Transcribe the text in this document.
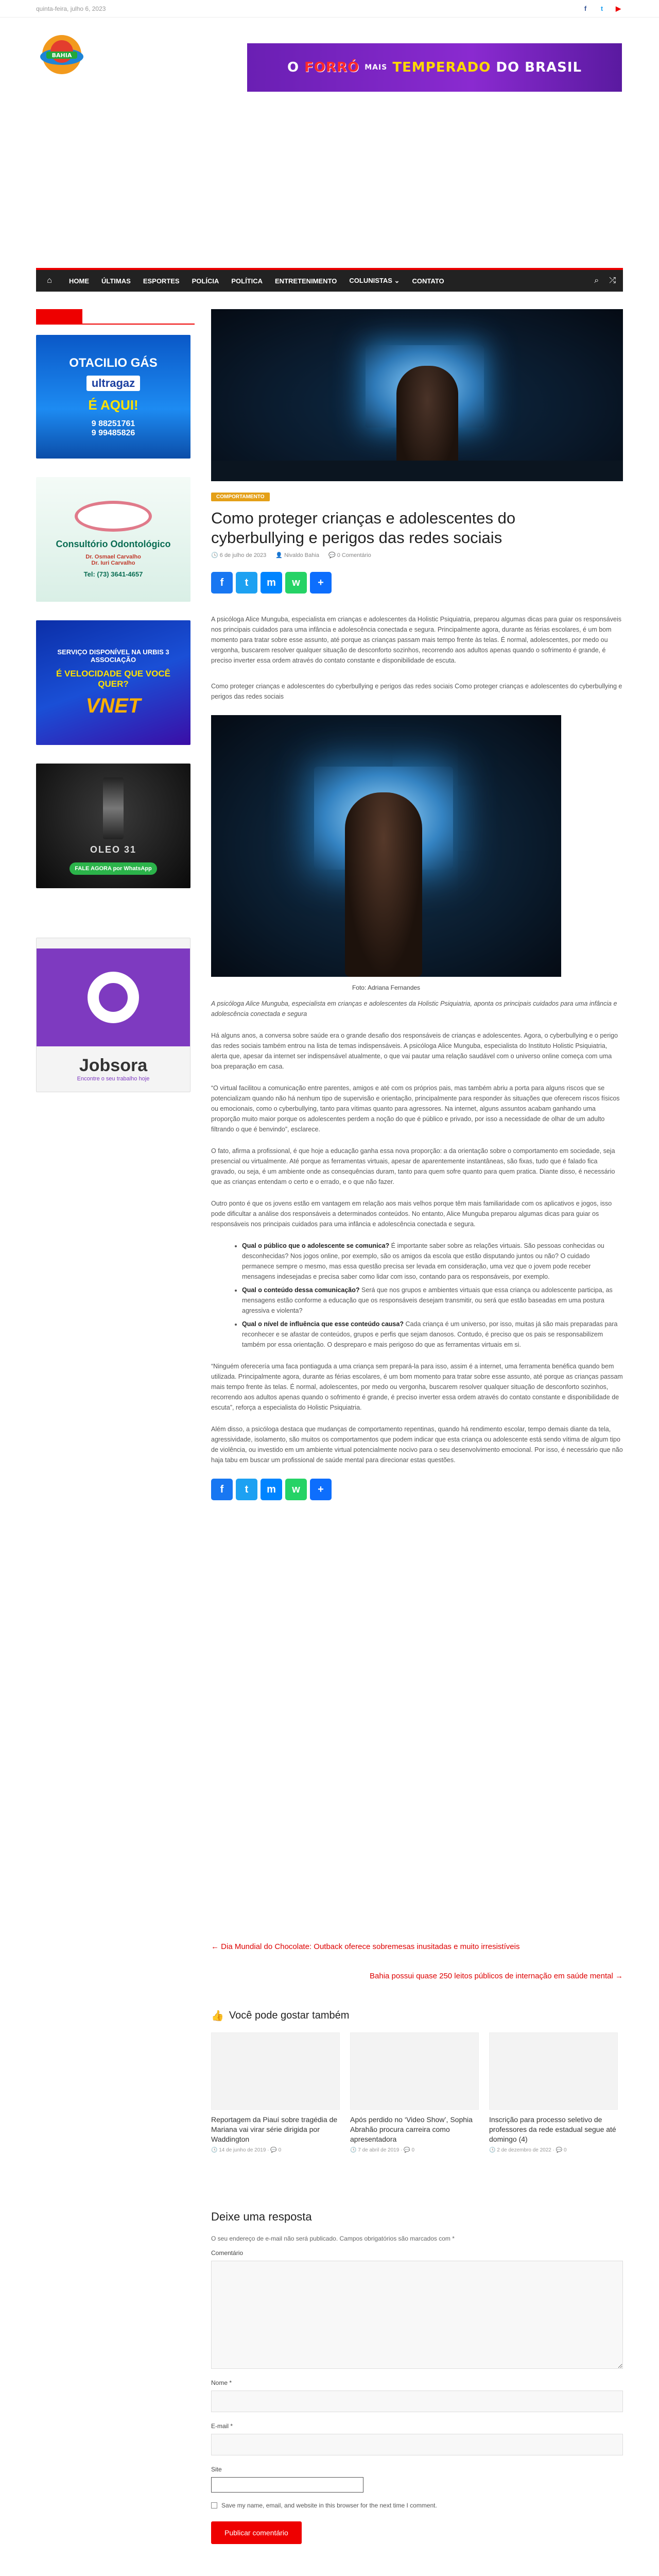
quinta-feira, julho 6, 2023	f	t	▶
BAHIA
O
FORRÓ
MAIS
TEMPERADO
DO BRASIL
⌂	HOME	ÚLTIMAS	ESPORTES	POLÍCIA	POLÍTICA	ENTRETENIMENTO	COLUNISTAS ⌄	CONTATO	⌕ ⤮
OTACILIO GÁS
ultragaz
É AQUI!
9 88251761
9 99485826
Consultório Odontológico
Dr. Osmael Carvalho
Dr. Iuri Carvalho
Tel: (73) 3641-4657
SERVIÇO DISPONÍVEL NA URBIS 3 ASSOCIAÇÃO
É VELOCIDADE QUE VOCÊ QUER?
VNET
OLEO 31
FALE AGORA por WhatsApp
Jobsora
Encontre o seu trabalho hoje
COMPORTAMENTO
Como proteger crianças e adolescentes do cyberbullying e perigos das redes sociais
🕓 6 de julho de 2023 👤 Nivaldo Bahia 💬 0 Comentário
f	t	m	w	+

A psicóloga Alice Munguba, especialista em crianças e adolescentes da Holistic Psiquiatria, preparou algumas dicas para guiar os responsáveis nos principais cuidados para uma infância e adolescência conectada e segura. Principalmente agora, durante as férias escolares, é um bom momento para tratar sobre esse assunto, até porque as crianças passam mais tempo frente às telas. É normal, adolescentes, por medo ou vergonha, buscarem resolver qualquer situação de desconforto sozinhos, recorrendo aos adultos apenas quando o sofrimento é grande, é preciso inverter essa ordem através do contato constante e disponibilidade de escuta.

Como proteger crianças e adolescentes do cyberbullying e perigos das redes sociais Como proteger crianças e adolescentes do cyberbullying e perigos das redes sociais

Foto: Adriana Fernandes

A psicóloga Alice Munguba, especialista em crianças e adolescentes da Holistic Psiquiatria, aponta os principais cuidados para uma infância e adolescência conectada e segura

Há alguns anos, a conversa sobre saúde era o grande desafio dos responsáveis de crianças e adolescentes. Agora, o cyberbullying e o perigo das redes sociais também entrou na lista de temas indispensáveis. A psicóloga Alice Munguba, especialista do Instituto Holistic Psiquiatria, alerta que, apesar da internet ser indispensável atualmente, o que vai pautar uma relação saudável com o universo online começa com uma boa preparação em casa.

“O virtual facilitou a comunicação entre parentes, amigos e até com os próprios pais, mas também abriu a porta para alguns riscos que se potencializam quando não há nenhum tipo de supervisão e orientação, principalmente para responder às situações que oferecem riscos físicos ou emocionais, como o cyberbullying, tanto para vítimas quanto para agressores. Na internet, alguns assuntos acabam ganhando uma proporção muito maior porque os adolescentes perdem a noção do que é público e privado, por isso a necessidade de olhar de um adulto filtrando o que é benvindo”, esclarece.

O fato, afirma a profissional, é que hoje a educação ganha essa nova proporção: a da orientação sobre o comportamento em sociedade, seja presencial ou virtualmente. Até porque as ferramentas virtuais, apesar de aparentemente instantâneas, são fixas, tudo que é falado fica gravado, ou seja, é um ambiente onde as consequências duram, tanto para quem sofre quanto para quem pratica. Diante disso, é necessário que as crianças entendam o certo e o errado, e o que não fazer.

Outro ponto é que os jovens estão em vantagem em relação aos mais velhos porque têm mais familiaridade com os aplicativos e jogos, isso pode dificultar a análise dos responsáveis a determinados conteúdos. No entanto, Alice Munguba preparou algumas dicas para guiar os responsáveis nos principais cuidados para uma infância e adolescência conectada e segura.

• Qual o público que o adolescente se comunica? É importante saber sobre as relações virtuais. São pessoas conhecidas ou desconhecidas? Nos jogos online, por exemplo, são os amigos da escola que estão disputando juntos ou não? O cuidado permanece sempre o mesmo, mas essa questão precisa ser levada em consideração, uma vez que o jovem pode receber mensagens indesejadas e precisa saber como lidar com isso, contando para os responsáveis, por exemplo.
• Qual o conteúdo dessa comunicação? Será que nos grupos e ambientes virtuais que essa criança ou adolescente participa, as mensagens estão conforme a educação que os responsáveis desejam transmitir, ou será que estão baseadas em uma postura agressiva e violenta?
• Qual o nível de influência que esse conteúdo causa? Cada criança é um universo, por isso, muitas já são mais preparadas para reconhecer e se afastar de conteúdos, grupos e perfis que sejam danosos. Contudo, é preciso que os pais se responsabilizem também por essa orientação. O despreparo e mais perigoso do que as ferramentas virtuais em si.

“Ninguém oferecería uma faca pontiaguda a uma criança sem prepará-la para isso, assim é a internet, uma ferramenta benéfica quando bem utilizada. Principalmente agora, durante as férias escolares, é um bom momento para tratar sobre esse assunto, até porque as crianças passam mais tempo frente às telas. É normal, adolescentes, por medo ou vergonha, buscarem resolver qualquer situação de desconforto sozinhos, recorrendo aos adultos apenas quando o sofrimento é grande, é preciso inverter essa ordem através do contato constante e disponibilidade de escuta”, reforça a especialista do Holistic Psiquiatria.

Além disso, a psicóloga destaca que mudanças de comportamento repentinas, quando há rendimento escolar, tempo demais diante da tela, agressividade, isolamento, são muitos os comportamentos que podem indicar que esta criança ou adolescente está sendo vítima de algum tipo de violência, ou investido em um ambiente virtual potencialmente nocivo para o seu desenvolvimento emocional. Por isso, é necessário que não haja tabu em buscar um profissional de saúde mental para direcionar estas questões.

f	t	m	w	+
← Dia Mundial do Chocolate: Outback oferece sobremesas inusitadas e muito irresistíveis
Bahia possui quase 250 leitos públicos de internação em saúde mental →
👍 Você pode gostar também
Reportagem da Piauí sobre tragédia de Mariana vai virar série dirigida por Waddington
🕓 14 de junho de 2019 · 💬 0
Após perdido no ‘Video Show’, Sophia Abrahão procura carreira como apresentadora
🕓 7 de abril de 2019 · 💬 0
Inscrição para processo seletivo de professores da rede estadual segue até domingo (4)
🕓 2 de dezembro de 2022 · 💬 0
Deixe uma resposta
O seu endereço de e-mail não será publicado. Campos obrigatórios são marcados com *
Comentário
Nome *
E-mail *
Site
Save my name, email, and website in this browser for the next time I comment.
Publicar comentário
